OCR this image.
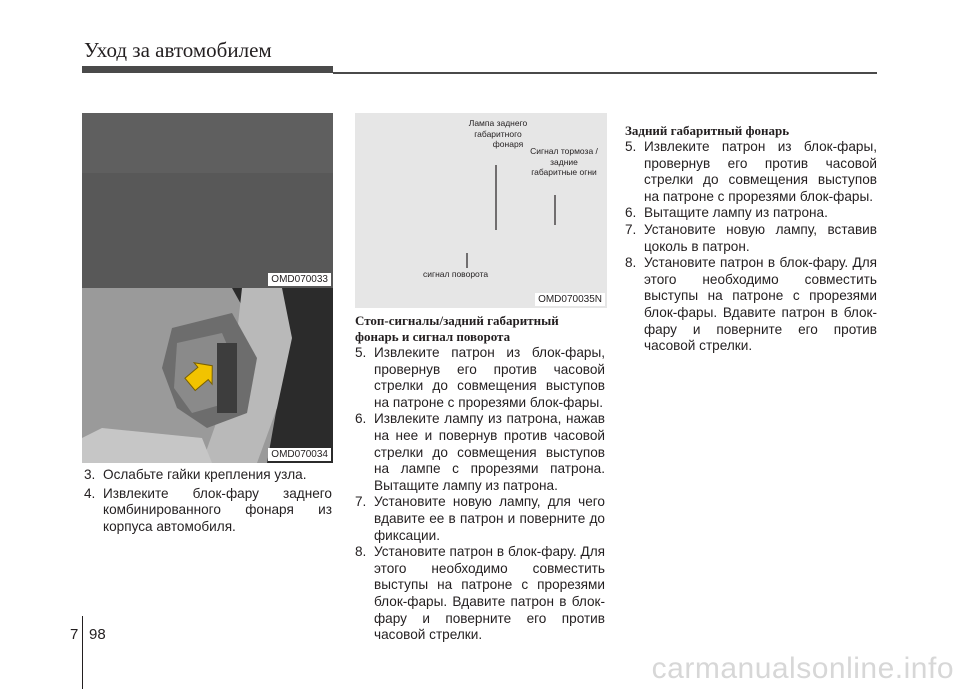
Уход за автомобилем
OMD070033
OMD070034
Лампа заднего
габаритного
фонаря
Сигнал тормоза /
задние
габаритные огни
сигнал поворота
OMD070035N
3. Ослабьте гайки крепления узла.
4. Извлеките блок-фару заднего комбинированного фонаря из корпуса автомобиля.
Стоп-сигналы/задний габаритный
фонарь и сигнал поворота
5. Извлеките патрон из блок-фары, провернув его против часовой стрелки до совмещения выступов на патроне с прорезями блок-фары.
6. Извлеките лампу из патрона, нажав на нее и повернув против часовой стрелки до совмещения выступов на лампе с прорезями патрона. Вытащите лампу из патрона.
7. Установите новую лампу, для чего вдавите ее в патрон и поверните до фиксации.
8. Установите патрон в блок-фару. Для этого необходимо совместить выступы на патроне с прорезями блок-фары. Вдавите патрон в блок-фару и поверните его против часовой стрелки.
Задний габаритный фонарь
5. Извлеките патрон из блок-фары, провернув его против часовой стрелки до совмещения выступов на патроне с прорезями блок-фары.
6. Вытащите лампу из патрона.
7. Установите новую лампу, вставив цоколь в патрон.
8. Установите патрон в блок-фару. Для этого необходимо совместить выступы на патроне с прорезями блок-фары. Вдавите патрон в блок-фару и поверните его против часовой стрелки.
7 98
carmanualsonline.info
